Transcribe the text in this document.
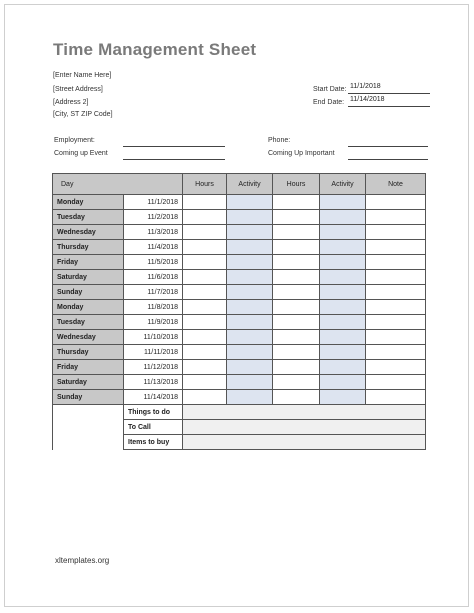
Time Management Sheet
[Enter Name Here]
[Street Address]
[Address 2]
[City, ST ZIP Code]
Start Date: 11/1/2018
End Date: 11/14/2018
Employment:
Coming up Event
Phone:
Coming Up Important
Day		Hours	Activity	Hours	Activity	Note
Monday	11/1/2018					
Tuesday	11/2/2018					
Wednesday	11/3/2018					
Thursday	11/4/2018					
Friday	11/5/2018					
Saturday	11/6/2018					
Sunday	11/7/2018					
Monday	11/8/2018					
Tuesday	11/9/2018					
Wednesday	11/10/2018					
Thursday	11/11/2018					
Friday	11/12/2018					
Saturday	11/13/2018					
Sunday	11/14/2018					
	Things to do					
	To Call					
	Items to buy					
xltemplates.org
